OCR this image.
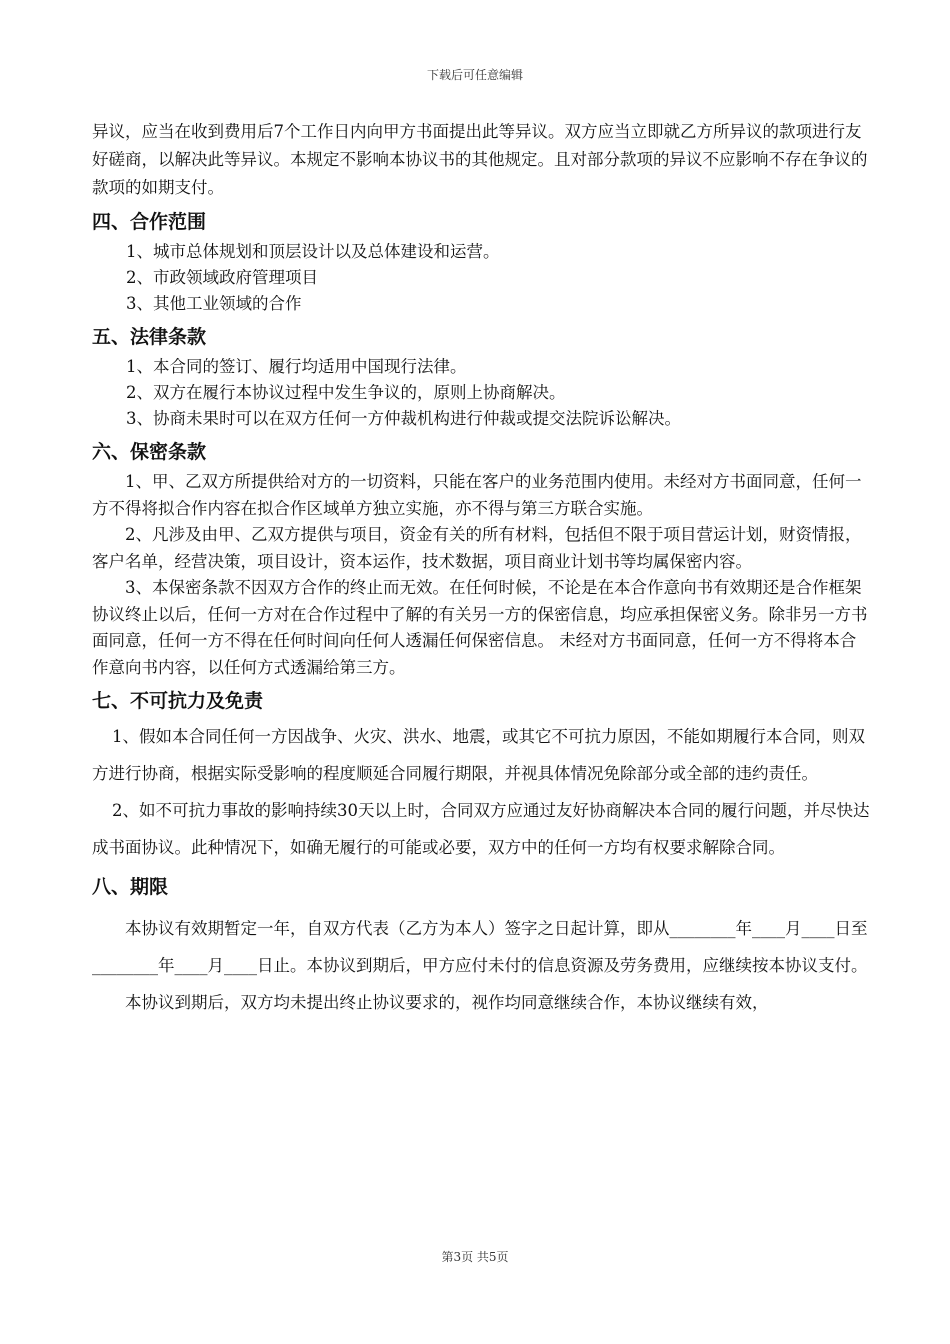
下载后可任意编辑

异议，应当在收到费用后7个工作日内向甲方书面提出此等异议。双方应当立即就乙方所异议的款项进行友好磋商，以解决此等异议。本规定不影响本协议书的其他规定。且对部分款项的异议不应影响不存在争议的款项的如期支付。

四、合作范围

1、城市总体规划和顶层设计以及总体建设和运营。

2、市政领域政府管理项目

3、其他工业领域的合作

五、法律条款

1、本合同的签订、履行均适用中国现行法律。

2、双方在履行本协议过程中发生争议的，原则上协商解决。

3、协商未果时可以在双方任何一方仲裁机构进行仲裁或提交法院诉讼解决。

六、保密条款

1、甲、乙双方所提供给对方的一切资料，只能在客户的业务范围内使用。未经对方书面同意，任何一方不得将拟合作内容在拟合作区域单方独立实施，亦不得与第三方联合实施。

2、凡涉及由甲、乙双方提供与项目，资金有关的所有材料，包括但不限于项目营运计划，财资情报，客户名单，经营决策，项目设计，资本运作，技术数据，项目商业计划书等均属保密内容。

3、本保密条款不因双方合作的终止而无效。在任何时候，不论是在本合作意向书有效期还是合作框架协议终止以后，任何一方对在合作过程中了解的有关另一方的保密信息，均应承担保密义务。除非另一方书面同意，任何一方不得在任何时间向任何人透漏任何保密信息。 未经对方书面同意，任何一方不得将本合作意向书内容，以任何方式透漏给第三方。

七、不可抗力及免责

1、假如本合同任何一方因战争、火灾、洪水、地震，或其它不可抗力原因，不能如期履行本合同，则双方进行协商，根据实际受影响的程度顺延合同履行期限，并视具体情况免除部分或全部的违约责任。

2、如不可抗力事故的影响持续30天以上时，合同双方应通过友好协商解决本合同的履行问题，并尽快达成书面协议。此种情况下，如确无履行的可能或必要，双方中的任何一方均有权要求解除合同。

八、期限

本协议有效期暂定一年，自双方代表（乙方为本人）签字之日起计算，即从________年____月____日至________年____月____日止。本协议到期后，甲方应付未付的信息资源及劳务费用，应继续按本协议支付。

本协议到期后，双方均未提出终止协议要求的，视作均同意继续合作，本协议继续有效，

第3页 共5页
